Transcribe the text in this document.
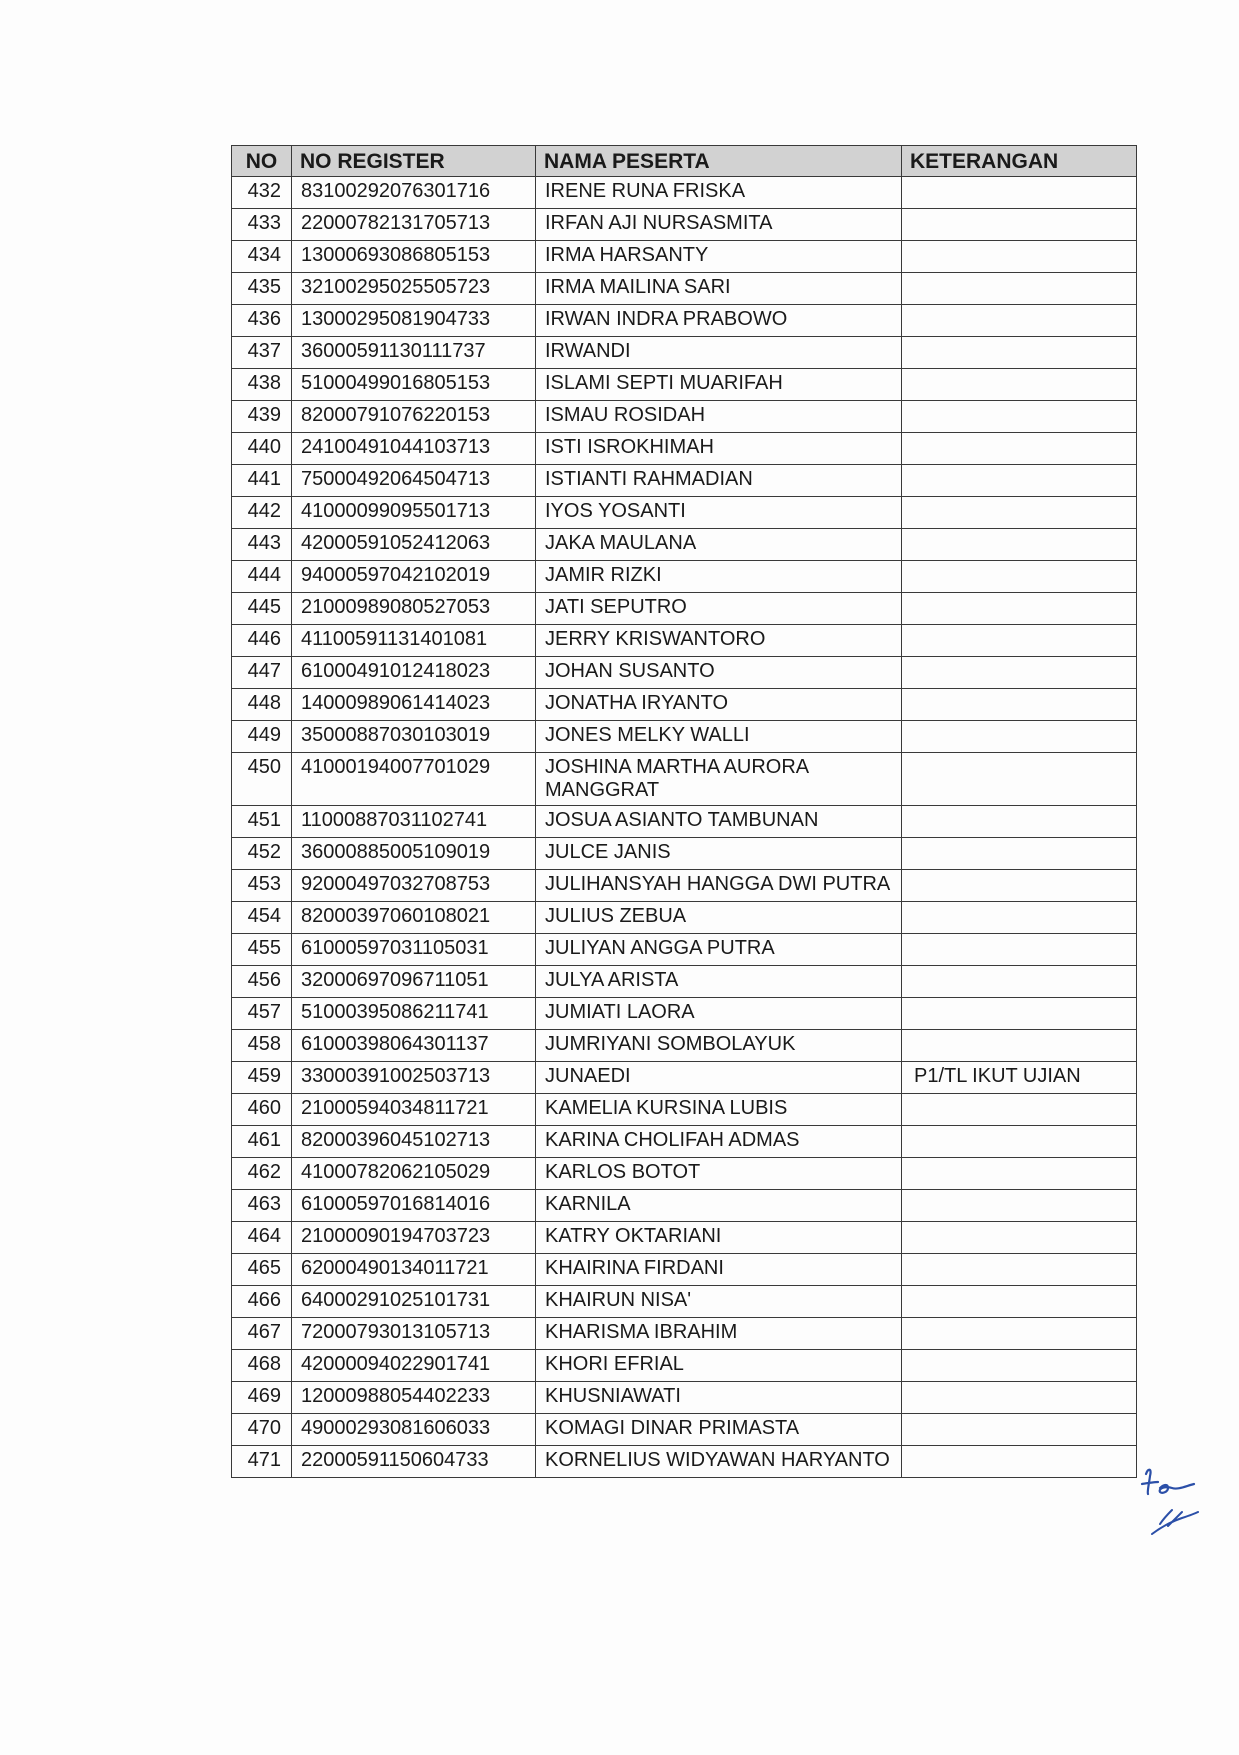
NO	NO REGISTER	NAMA PESERTA	KETERANGAN
432	83100292076301716	IRENE RUNA FRISKA	
433	22000782131705713	IRFAN AJI NURSASMITA	
434	13000693086805153	IRMA HARSANTY	
435	32100295025505723	IRMA MAILINA SARI	
436	13000295081904733	IRWAN INDRA PRABOWO	
437	36000591130111737	IRWANDI	
438	51000499016805153	ISLAMI SEPTI MUARIFAH	
439	82000791076220153	ISMAU ROSIDAH	
440	24100491044103713	ISTI ISROKHIMAH	
441	75000492064504713	ISTIANTI RAHMADIAN	
442	41000099095501713	IYOS YOSANTI	
443	42000591052412063	JAKA MAULANA	
444	94000597042102019	JAMIR RIZKI	
445	21000989080527053	JATI SEPUTRO	
446	41100591131401081	JERRY KRISWANTORO	
447	61000491012418023	JOHAN SUSANTO	
448	14000989061414023	JONATHA IRYANTO	
449	35000887030103019	JONES MELKY WALLI	
450	41000194007701029	JOSHINA MARTHA AURORA MANGGRAT	
451	11000887031102741	JOSUA ASIANTO TAMBUNAN	
452	36000885005109019	JULCE JANIS	
453	92000497032708753	JULIHANSYAH HANGGA DWI PUTRA	
454	82000397060108021	JULIUS ZEBUA	
455	61000597031105031	JULIYAN ANGGA PUTRA	
456	32000697096711051	JULYA ARISTA	
457	51000395086211741	JUMIATI LAORA	
458	61000398064301137	JUMRIYANI SOMBOLAYUK	
459	33000391002503713	JUNAEDI	P1/TL IKUT UJIAN
460	21000594034811721	KAMELIA KURSINA LUBIS	
461	82000396045102713	KARINA CHOLIFAH ADMAS	
462	41000782062105029	KARLOS BOTOT	
463	61000597016814016	KARNILA	
464	21000090194703723	KATRY OKTARIANI	
465	62000490134011721	KHAIRINA FIRDANI	
466	64000291025101731	KHAIRUN NISA'	
467	72000793013105713	KHARISMA IBRAHIM	
468	42000094022901741	KHORI EFRIAL	
469	12000988054402233	KHUSNIAWATI	
470	49000293081606033	KOMAGI DINAR PRIMASTA	
471	22000591150604733	KORNELIUS WIDYAWAN HARYANTO	
